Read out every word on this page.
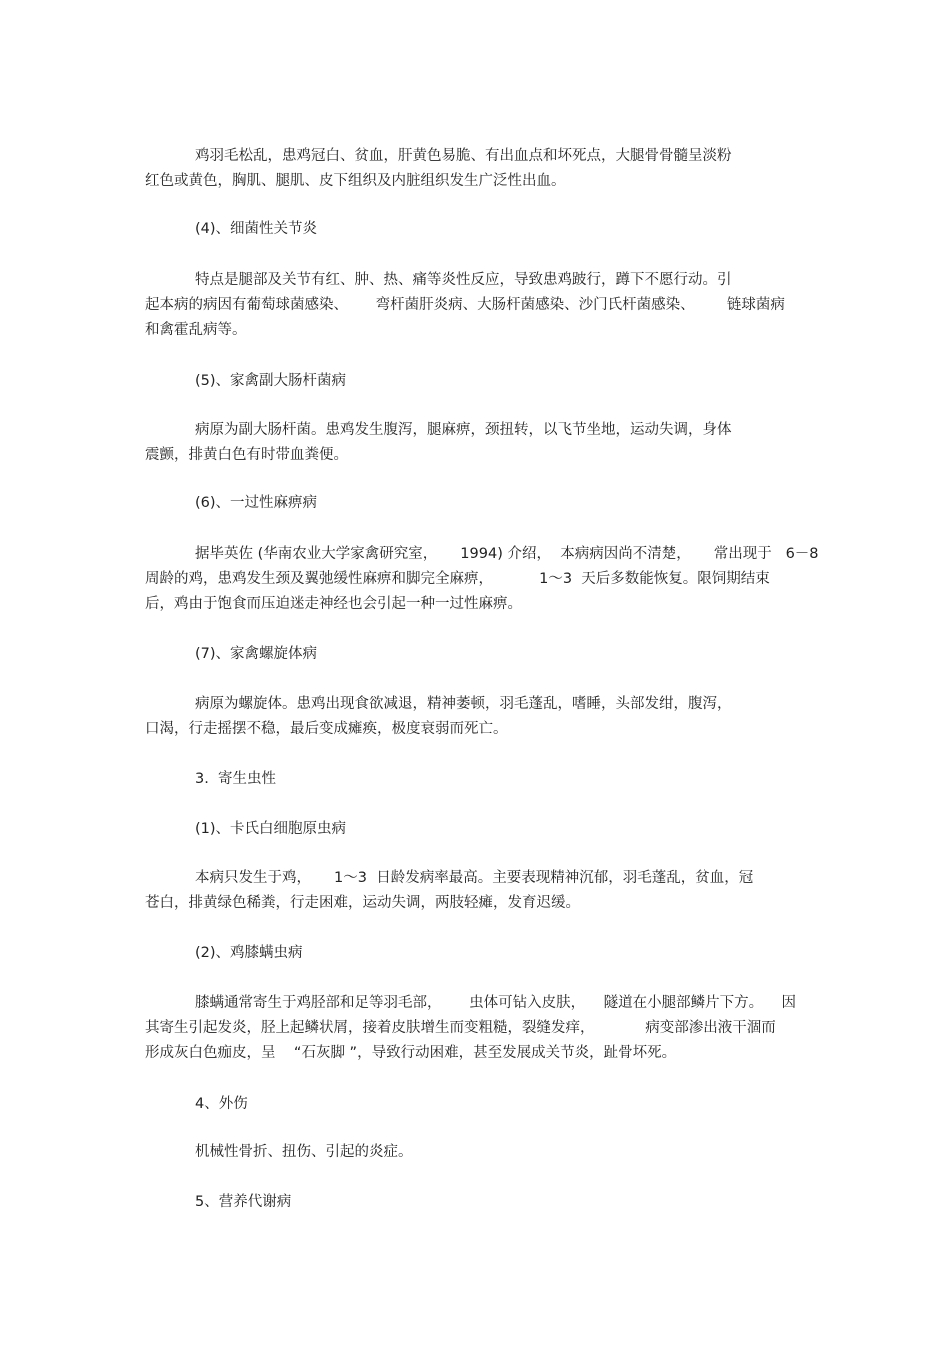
鸡羽毛松乱，患鸡冠白、贫血，肝黄色易脆、有出血点和坏死点，大腿骨骨髓呈淡粉
红色或黄色，胸肌、腿肌、皮下组织及内脏组织发生广泛性出血。

(4)、细菌性关节炎

特点是腿部及关节有红、肿、热、痛等炎性反应，导致患鸡跛行，蹲下不愿行动。引
起本病的病因有葡萄球菌感染、      弯杆菌肝炎病、大肠杆菌感染、沙门氏杆菌感染、       链球菌病
和禽霍乱病等。

(5)、家禽副大肠杆菌病

病原为副大肠杆菌。患鸡发生腹泻，腿麻痹，颈扭转，以飞节坐地，运动失调，身体
震颤，排黄白色有时带血粪便。

(6)、一过性麻痹病

据毕英佐 (华南农业大学家禽研究室，     1994) 介绍，  本病病因尚不清楚，     常出现于   6－8
周龄的鸡，患鸡发生颈及翼弛缓性麻痹和脚完全麻痹，          1～3  天后多数能恢复。限饲期结束
后，鸡由于饱食而压迫迷走神经也会引起一种一过性麻痹。

(7)、家禽螺旋体病

病原为螺旋体。患鸡出现食欲减退，精神萎顿，羽毛蓬乱，嗜睡，头部发绀，腹泻，
口渴，行走摇摆不稳，最后变成瘫痪，极度衰弱而死亡。

3.  寄生虫性

(1)、卡氏白细胞原虫病

本病只发生于鸡，     1～3  日龄发病率最高。主要表现精神沉郁，羽毛蓬乱，贫血，冠
苍白，排黄绿色稀粪，行走困难，运动失调，两肢轻瘫，发育迟缓。

(2)、鸡膝螨虫病

膝螨通常寄生于鸡胫部和足等羽毛部，      虫体可钻入皮肤，    隧道在小腿部鳞片下方。    因
其寄生引起发炎，胫上起鳞状屑，接着皮肤增生而变粗糙，裂缝发痒，           病变部渗出液干涸而
形成灰白色痂皮，呈    “石灰脚 ”，导致行动困难，甚至发展成关节炎，趾骨坏死。

4、外伤

机械性骨折、扭伤、引起的炎症。

5、营养代谢病
